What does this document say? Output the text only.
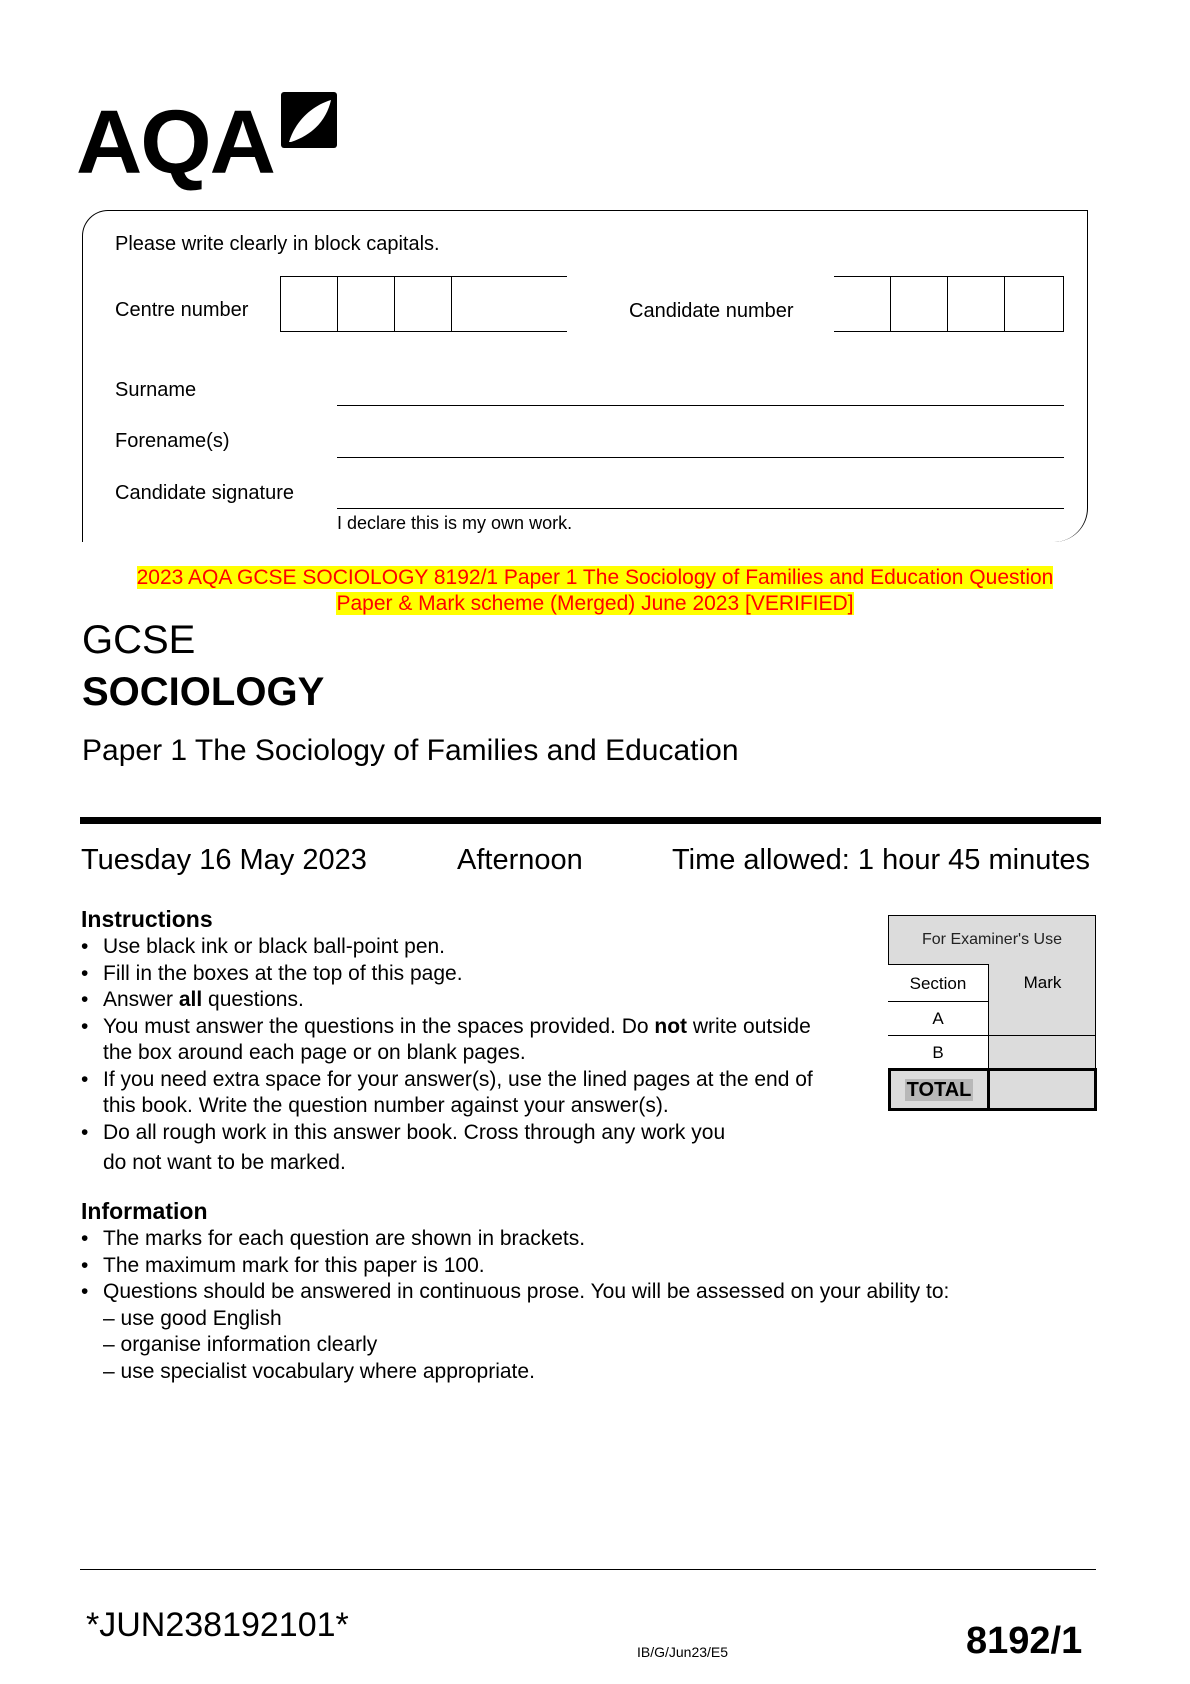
AQA
Please write clearly in block capitals.
Centre number	Candidate number
Surname
Forename(s)
Candidate signature
I declare this is my own work.
2023 AQA GCSE SOCIOLOGY 8192/1 Paper 1 The Sociology of Families and Education Question
Paper & Mark scheme (Merged) June 2023 [VERIFIED]
GCSE
SOCIOLOGY
Paper 1 The Sociology of Families and Education
Tuesday 16 May 2023	Afternoon	Time allowed: 1 hour 45 minutes
Instructions
• Use black ink or black ball-point pen.
• Fill in the boxes at the top of this page.
• Answer all questions.
• You must answer the questions in the spaces provided. Do not write outside
the box around each page or on blank pages.
• If you need extra space for your answer(s), use the lined pages at the end of
this book. Write the question number against your answer(s).
• Do all rough work in this answer book. Cross through any work you
do not want to be marked.
Information
• The marks for each question are shown in brackets.
• The maximum mark for this paper is 100.
• Questions should be answered in continuous prose. You will be assessed on your ability to:
– use good English
– organise information clearly
– use specialist vocabulary where appropriate.
For Examiner's Use
Section	Mark
A
B
TOTAL
*JUN238192101*
IB/G/Jun23/E5	8192/1
